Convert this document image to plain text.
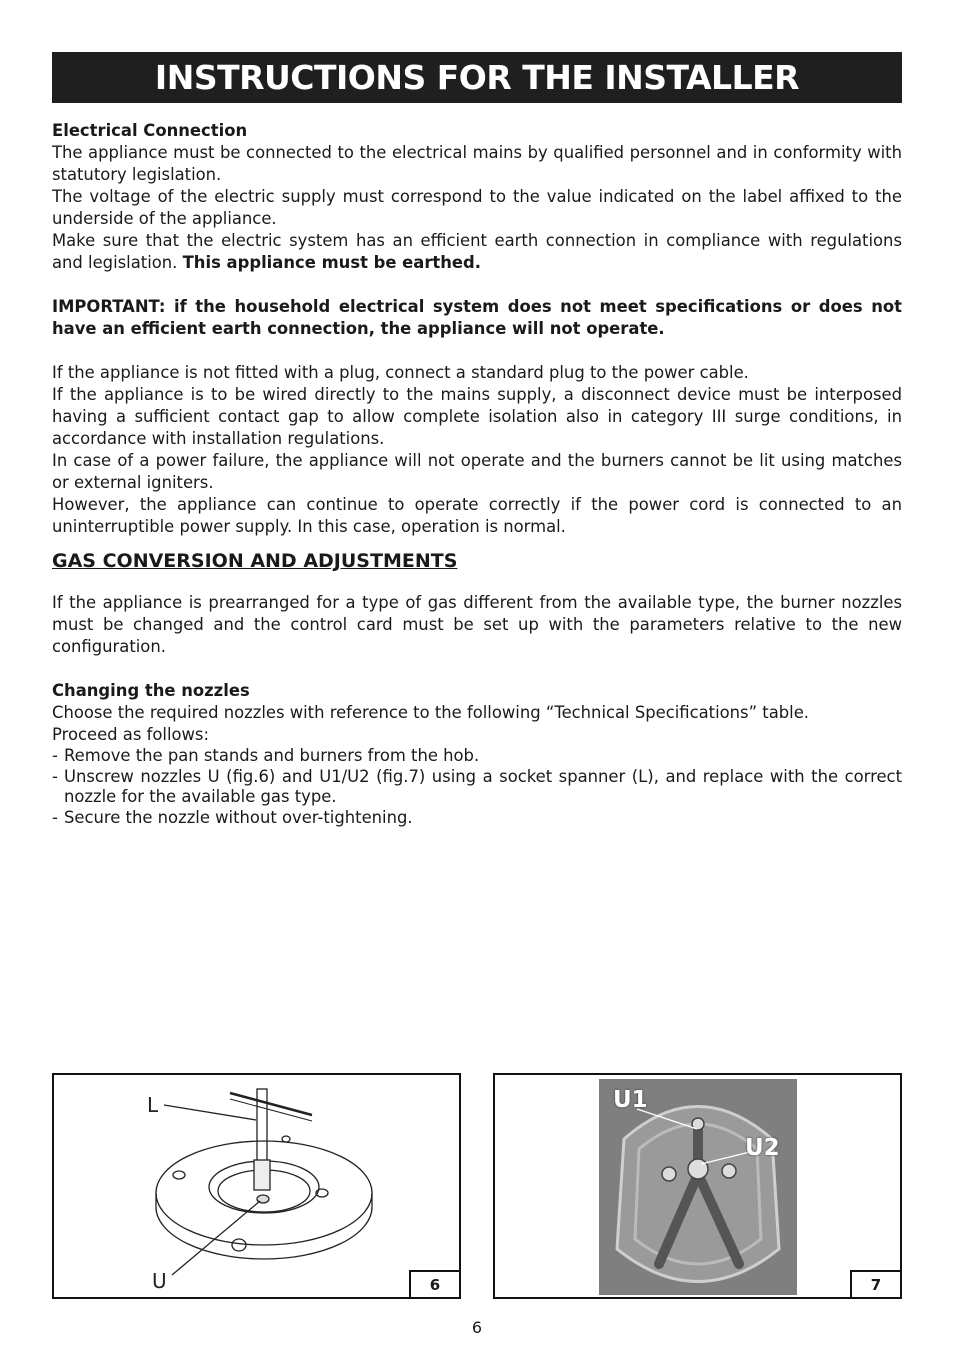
INSTRUCTIONS FOR THE INSTALLER

Electrical Connection

The appliance must be connected to the electrical mains by qualified personnel and in conformity with statutory legislation.

The voltage of the electric supply must correspond to the value indicated on the label affixed to the underside of the appliance.

Make sure that the electric system has an efficient earth connection in compliance with regulations and legislation. This appliance must be earthed.

IMPORTANT: if the household electrical system does not meet specifications or does not have an efficient earth connection, the appliance will not operate.

If the appliance is not fitted with a plug, connect a standard plug to the power cable.

If the appliance is to be wired directly to the mains supply, a disconnect device must be interposed having a sufficient contact gap to allow complete isolation also in category III surge conditions, in accordance with installation regulations.

In case of a power failure, the appliance will not operate and the burners cannot be lit using matches or external igniters.

However, the appliance can continue to operate correctly if the power cord is connected to an uninterruptible power supply. In this case, operation is normal.

GAS CONVERSION AND ADJUSTMENTS

If the appliance is prearranged for a type of gas different from the available type, the burner nozzles must be changed and the control card must be set up with the parameters relative to the new configuration.

Changing the nozzles

Choose the required nozzles with reference to the following “Technical Specifications” table.

Proceed as follows:

- Remove the pan stands and burners from the hob.
- Unscrew nozzles U (fig.6) and U1/U2 (fig.7) using a socket spanner (L), and replace with the correct nozzle for the available gas type.
- Secure the nozzle without over-tightening.
L
U	6
U1
U2
7
6
